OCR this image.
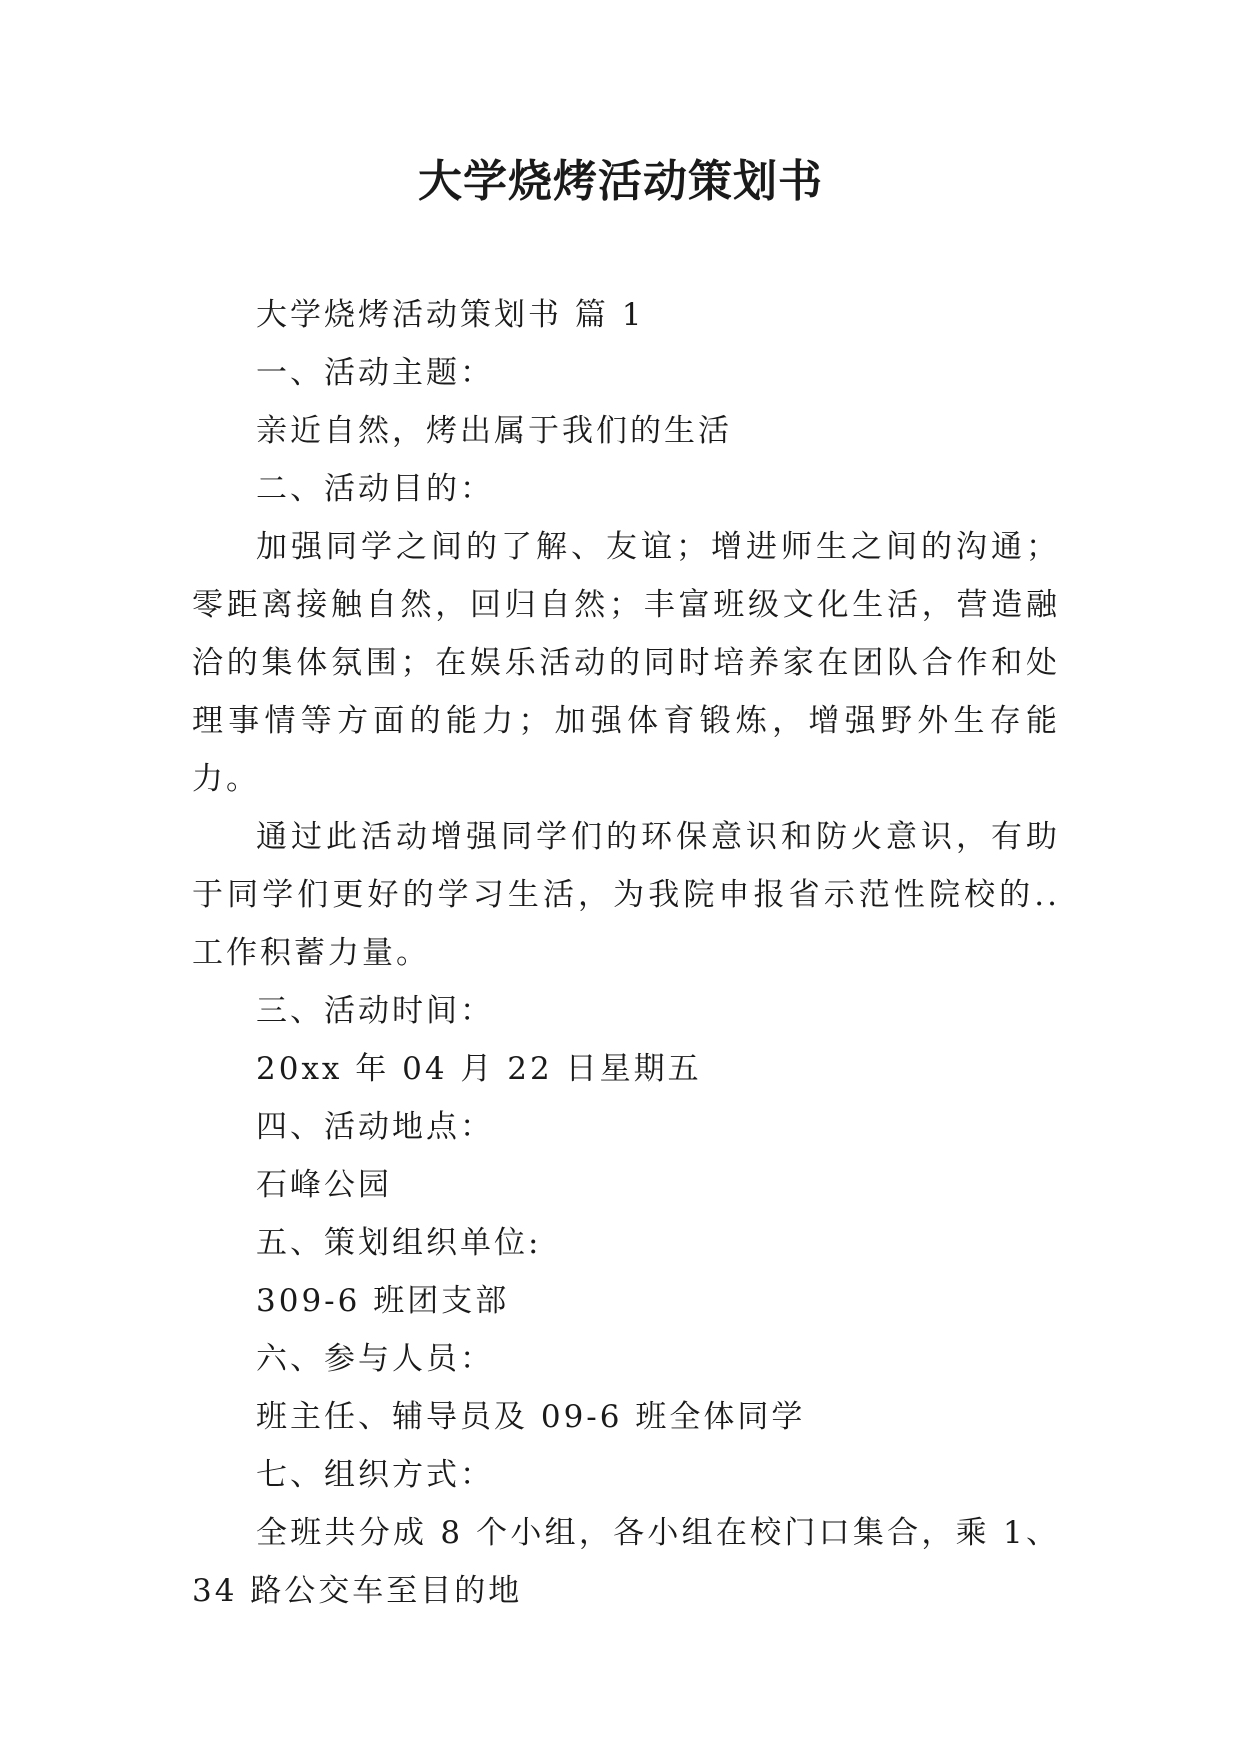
大学烧烤活动策划书

大学烧烤活动策划书 篇 1

一、活动主题：

亲近自然，烤出属于我们的生活

二、活动目的：

加强同学之间的了解、友谊；增进师生之间的沟通；零距离接触自然，回归自然；丰富班级文化生活，营造融洽的集体氛围；在娱乐活动的同时培养家在团队合作和处理事情等方面的能力；加强体育锻炼，增强野外生存能力。

通过此活动增强同学们的环保意识和防火意识，有助于同学们更好的学习生活，为我院申报省示范性院校的..工作积蓄力量。

三、活动时间：

20xx 年 04 月 22 日星期五

四、活动地点：

石峰公园

五、策划组织单位:

309-6 班团支部

六、参与人员：

班主任、辅导员及 09-6 班全体同学

七、组织方式：

全班共分成 8 个小组，各小组在校门口集合，乘 1、34 路公交车至目的地
